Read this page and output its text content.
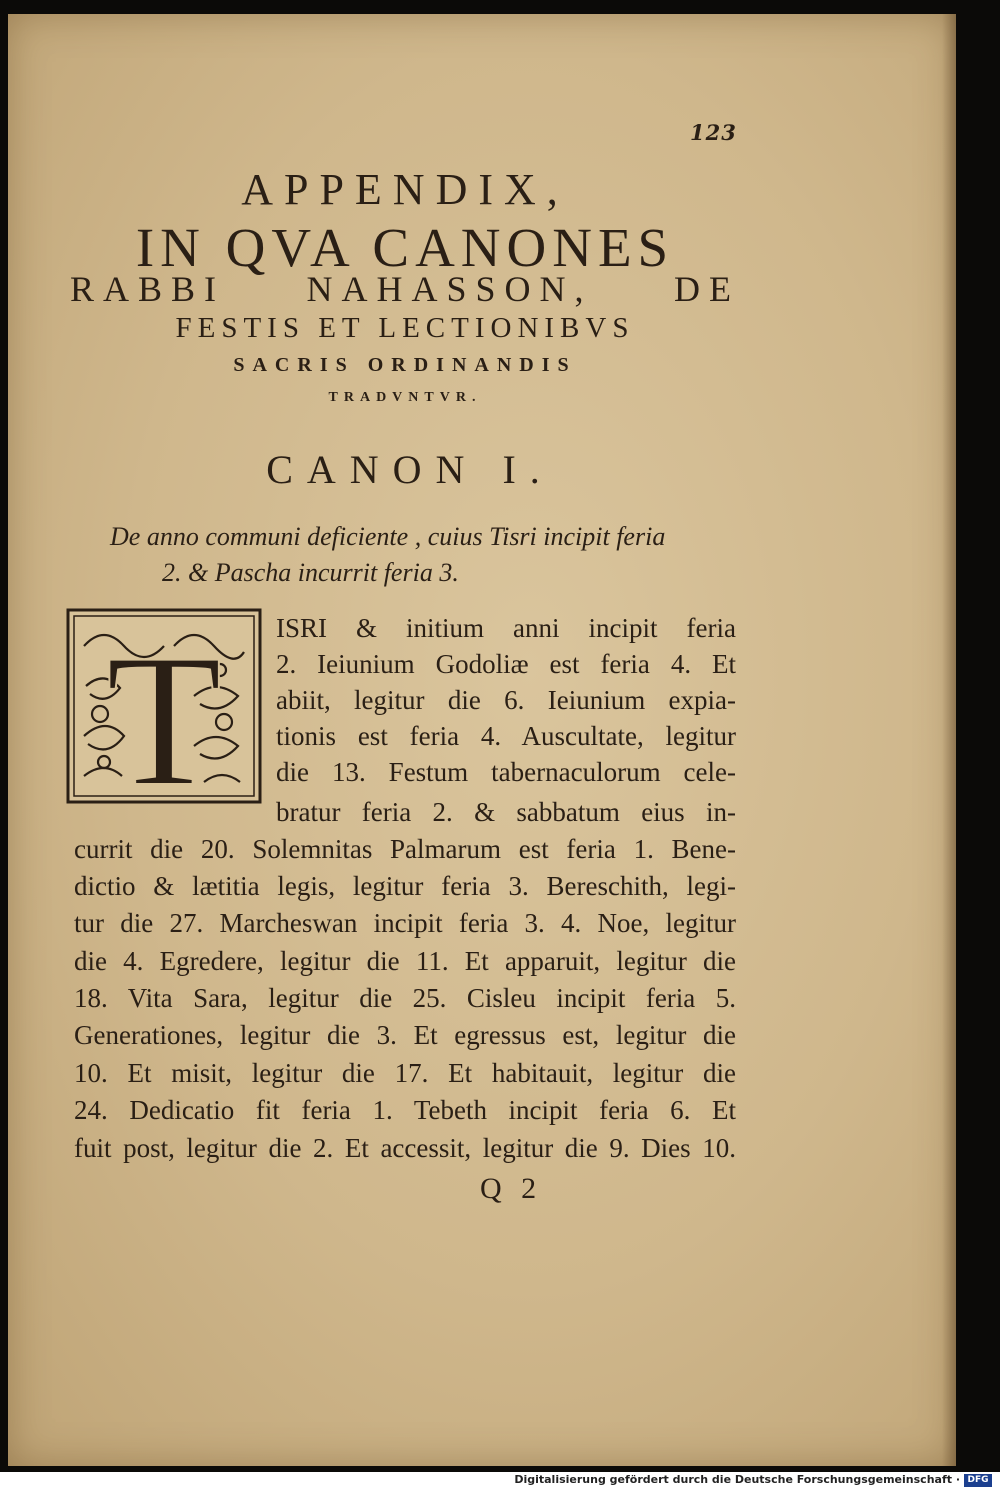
123
APPENDIX,
IN QVA CANONES
RABBI NAHASSON, DE
FESTIS ET LECTIONIBVS
SACRIS ORDINANDIS
TRADVNTVR.
CANON I.
De anno communi deficiente , cuius Tisri incipit feria
2. & Pascha incurrit feria 3.
T ISRI & initium anni incipit feria
2. Ieiunium Godoliæ est feria 4. Et
abiit, legitur die 6. Ieiunium expia-
tionis est feria 4. Auscultate, legitur
die 13. Festum tabernaculorum cele-
bratur feria 2. & sabbatum eius in-
currit die 20. Solemnitas Palmarum est feria 1. Bene-
dictio & lætitia legis, legitur feria 3. Bereschith, legi-
tur die 27. Marcheswan incipit feria 3. 4. Noe, legitur
die 4. Egredere, legitur die 11. Et apparuit, legitur die
18. Vita Sara, legitur die 25. Cisleu incipit feria 5.
Generationes, legitur die 3. Et egressus est, legitur die
10. Et misit, legitur die 17. Et habitauit, legitur die
24. Dedicatio fit feria 1. Tebeth incipit feria 6. Et
fuit post, legitur die 2. Et accessit, legitur die 9. Dies 10.
Q 2
Digitalisierung gefördert durch die Deutsche Forschungsgemeinschaft · DFG
